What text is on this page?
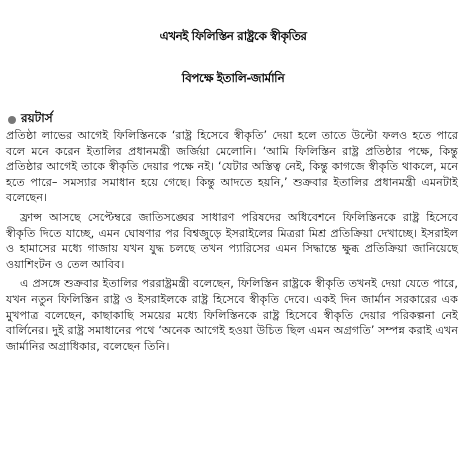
এখনই ফিলিস্তিন রাষ্ট্রকে স্বীকৃতির
বিপক্ষে ইতালি-জার্মানি
রয়টার্স

প্রতিষ্ঠা লাভের আগেই ফিলিস্তিনকে ‘রাষ্ট্র হিসেবে স্বীকৃতি’ দেয়া হলে তাতে উল্টো ফলও হতে পারে বলে মনে করেন ইতালির প্রধানমন্ত্রী জর্জিয়া মেলোনি। ‘আমি ফিলিস্তিন রাষ্ট্র প্রতিষ্ঠার পক্ষে, কিন্তু প্রতিষ্ঠার আগেই তাকে স্বীকৃতি দেয়ার পক্ষে নই। ‘যেটার অস্তিত্ব নেই, কিন্তু কাগজে স্বীকৃতি থাকলে, মনে হতে পারে– সমস্যার সমাধান হয়ে গেছে। কিন্তু আদতে হয়নি,’ শুক্রবার ইতালির প্রধানমন্ত্রী এমনটাই বলেছেন।

ফ্রান্স আসছে সেপ্টেম্বরে জাতিসঙ্ঘের সাধারণ পরিষদের অধিবেশনে ফিলিস্তিনকে রাষ্ট্র হিসেবে স্বীকৃতি দিতে যাচ্ছে, এমন ঘোষণার পর বিশ্বজুড়ে ইসরাইলের মিত্ররা মিশ্র প্রতিক্রিয়া দেখাচ্ছে। ইসরাইল ও হামাসের মধ্যে গাজায় যখন যুদ্ধ চলছে তখন প্যারিসের এমন সিদ্ধান্তে ক্ষুব্ধ প্রতিক্রিয়া জানিয়েছে ওয়াশিংটন ও তেল আবিব।

এ প্রসঙ্গে শুক্রবার ইতালির পররাষ্ট্রমন্ত্রী বলেছেন, ফিলিস্তিন রাষ্ট্রকে স্বীকৃতি তখনই দেয়া যেতে পারে, যখন নতুন ফিলিস্তিন রাষ্ট্র ও ইসরাইলকে রাষ্ট্র হিসেবে স্বীকৃতি দেবে। একই দিন জার্মান সরকারের এক মুখপাত্র বলেছেন, কাছাকাছি সময়ের মধ্যে ফিলিস্তিনকে রাষ্ট্র হিসেবে স্বীকৃতি দেয়ার পরিকল্পনা নেই বার্লিনের। দুই রাষ্ট্র সমাধানের পথে ‘অনেক আগেই হওয়া উচিত ছিল এমন অগ্রগতি’ সম্পন্ন করাই এখন জার্মানির অগ্রাধিকার, বলেছেন তিনি।
